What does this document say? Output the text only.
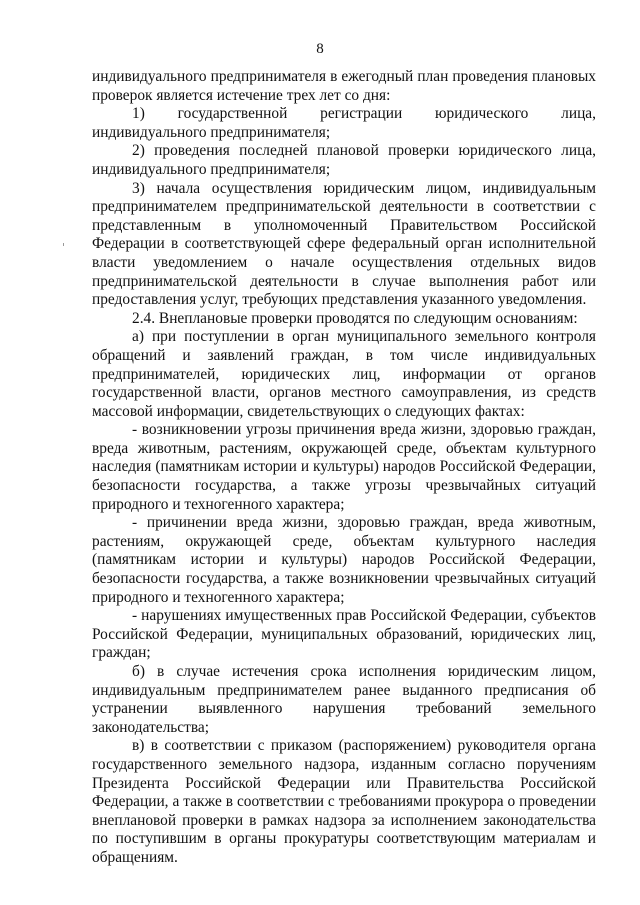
8

индивидуального предпринимателя в ежегодный план проведения плановых проверок является истечение трех лет со дня:

1) государственной регистрации юридического лица, индивидуального предпринимателя;

2) проведения последней плановой проверки юридического лица, индивидуального предпринимателя;

3) начала осуществления юридическим лицом, индивидуальным предпринимателем предпринимательской деятельности в соответствии с представленным в уполномоченный Правительством Российской Федерации в соответствующей сфере федеральный орган исполнительной власти уведомлением о начале осуществления отдельных видов предпринимательской деятельности в случае выполнения работ или предоставления услуг, требующих представления указанного уведомления.

2.4. Внеплановые проверки проводятся по следующим основаниям:

а) при поступлении в орган муниципального земельного контроля обращений и заявлений граждан, в том числе индивидуальных предпринимателей, юридических лиц, информации от органов государственной власти, органов местного самоуправления, из средств массовой информации, свидетельствующих о следующих фактах:

- возникновении угрозы причинения вреда жизни, здоровью граждан, вреда животным, растениям, окружающей среде, объектам культурного наследия (памятникам истории и культуры) народов Российской Федерации, безопасности государства, а также угрозы чрезвычайных ситуаций природного и техногенного характера;

- причинении вреда жизни, здоровью граждан, вреда животным, растениям, окружающей среде, объектам культурного наследия (памятникам истории и культуры) народов Российской Федерации, безопасности государства, а также возникновении чрезвычайных ситуаций природного и техногенного характера;

- нарушениях имущественных прав Российской Федерации, субъектов Российской Федерации, муниципальных образований, юридических лиц, граждан;

б) в случае истечения срока исполнения юридическим лицом, индивидуальным предпринимателем ранее выданного предписания об устранении выявленного нарушения требований земельного законодательства;

в) в соответствии с приказом (распоряжением) руководителя органа государственного земельного надзора, изданным согласно поручениям Президента Российской Федерации или Правительства Российской Федерации, а также в соответствии с требованиями прокурора о проведении внеплановой проверки в рамках надзора за исполнением законодательства по поступившим в органы прокуратуры соответствующим материалам и обращениям.
